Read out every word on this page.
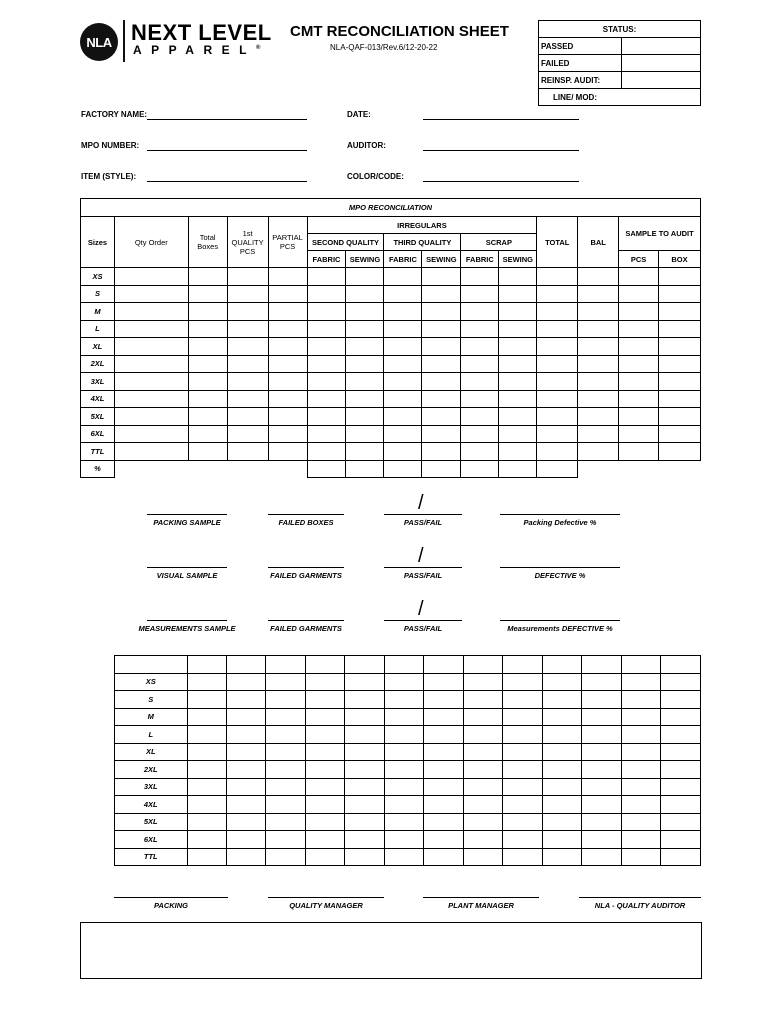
NLA NEXT LEVEL
APPAREL®
CMT RECONCILIATION SHEET
NLA-QAF-013/Rev.6/12-20-22
STATUS:	
PASSED	
FAILED	
REINSP. AUDIT:	
LINE/ MOD:	
FACTORY NAME:
MPO NUMBER:
ITEM (STYLE):
DATE:
AUDITOR:
COLOR/CODE:
MPO RECONCILIATION														
Sizes	Qty Order	Total Boxes	1st QUALITY PCS	PARTIAL PCS	IRREGULARS						TOTAL	BAL	SAMPLE TO AUDIT	
					SECOND QUALITY		THIRD QUALITY		SCRAP					
					FABRIC	SEWING	FABRIC	SEWING	FABRIC	SEWING			PCS	BOX
XS														
S														
M														
L														
XL														
2XL														
3XL														
4XL														
5XL														
6XL														
TTL														
%														
PACKING SAMPLE	FAILED BOXES	PASS/FAIL	Packing Defective %
/
VISUAL SAMPLE	FAILED GARMENTS	PASS/FAIL	DEFECTIVE %
/
MEASUREMENTS SAMPLE	FAILED GARMENTS	PASS/FAIL	Measurements DEFECTIVE %
/

XS													
S													
M													
L													
XL													
2XL													
3XL													
4XL													
5XL													
6XL													
TTL													
PACKING	QUALITY MANAGER	PLANT MANAGER	NLA - QUALITY AUDITOR
